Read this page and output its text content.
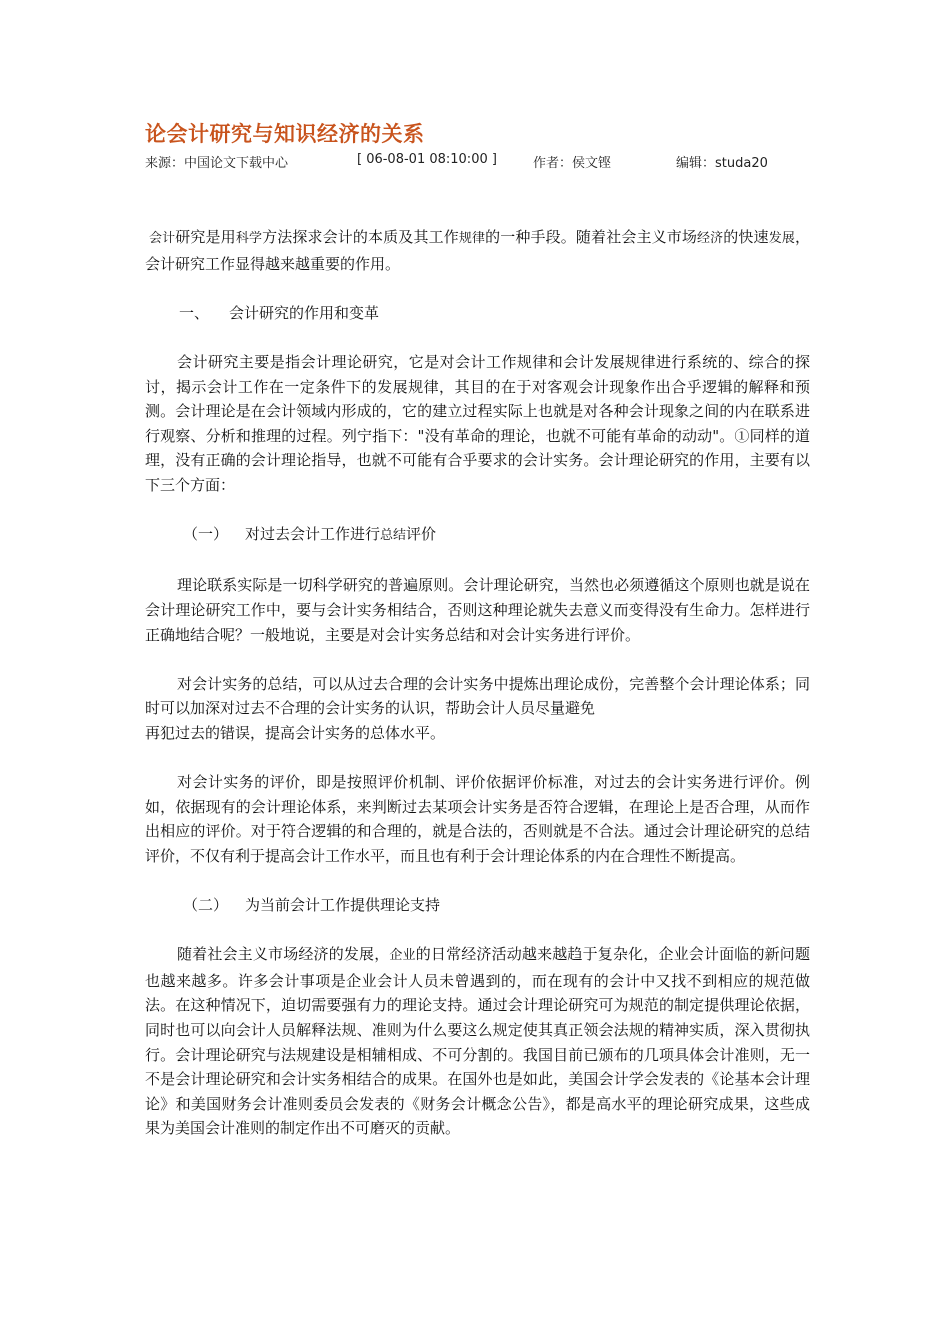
论会计研究与知识经济的关系
来源：中国论文下载中心	[ 06-08-01 08:10:00 ]	作者：侯文铿	编辑：studa20

会计研究是用科学方法探求会计的本质及其工作规律的一种手段。随着社会主义市场经济的快速发展，会计研究工作显得越来越重要的作用。

一、 会计研究的作用和变革

会计研究主要是指会计理论研究，它是对会计工作规律和会计发展规律进行系统的、综合的探讨，揭示会计工作在一定条件下的发展规律，其目的在于对客观会计现象作出合乎逻辑的解释和预测。会计理论是在会计领域内形成的，它的建立过程实际上也就是对各种会计现象之间的内在联系进行观察、分析和推理的过程。列宁指下："没有革命的理论，也就不可能有革命的动动"。①同样的道理，没有正确的会计理论指导，也就不可能有合乎要求的会计实务。会计理论研究的作用，主要有以下三个方面：

（一） 对过去会计工作进行总结评价

理论联系实际是一切科学研究的普遍原则。会计理论研究，当然也必须遵循这个原则也就是说在会计理论研究工作中，要与会计实务相结合，否则这种理论就失去意义而变得没有生命力。怎样进行正确地结合呢？一般地说，主要是对会计实务总结和对会计实务进行评价。

对会计实务的总结，可以从过去合理的会计实务中提炼出理论成份，完善整个会计理论体系；同时可以加深对过去不合理的会计实务的认识，帮助会计人员尽量避免

再犯过去的错误，提高会计实务的总体水平。

对会计实务的评价，即是按照评价机制、评价依据评价标准，对过去的会计实务进行评价。例如，依据现有的会计理论体系，来判断过去某项会计实务是否符合逻辑，在理论上是否合理，从而作出相应的评价。对于符合逻辑的和合理的，就是合法的，否则就是不合法。通过会计理论研究的总结评价，不仅有利于提高会计工作水平，而且也有利于会计理论体系的内在合理性不断提高。

（二） 为当前会计工作提供理论支持

随着社会主义市场经济的发展，企业的日常经济活动越来越趋于复杂化，企业会计面临的新问题也越来越多。许多会计事项是企业会计人员未曾遇到的，而在现有的会计中又找不到相应的规范做法。在这种情况下，迫切需要强有力的理论支持。通过会计理论研究可为规范的制定提供理论依据，同时也可以向会计人员解释法规、准则为什么要这么规定使其真正领会法规的精神实质，深入贯彻执行。会计理论研究与法规建设是相辅相成、不可分割的。我国目前已颁布的几项具体会计准则，无一不是会计理论研究和会计实务相结合的成果。在国外也是如此，美国会计学会发表的《论基本会计理论》和美国财务会计准则委员会发表的《财务会计概念公告》，都是高水平的理论研究成果，这些成果为美国会计准则的制定作出不可磨灭的贡献。
